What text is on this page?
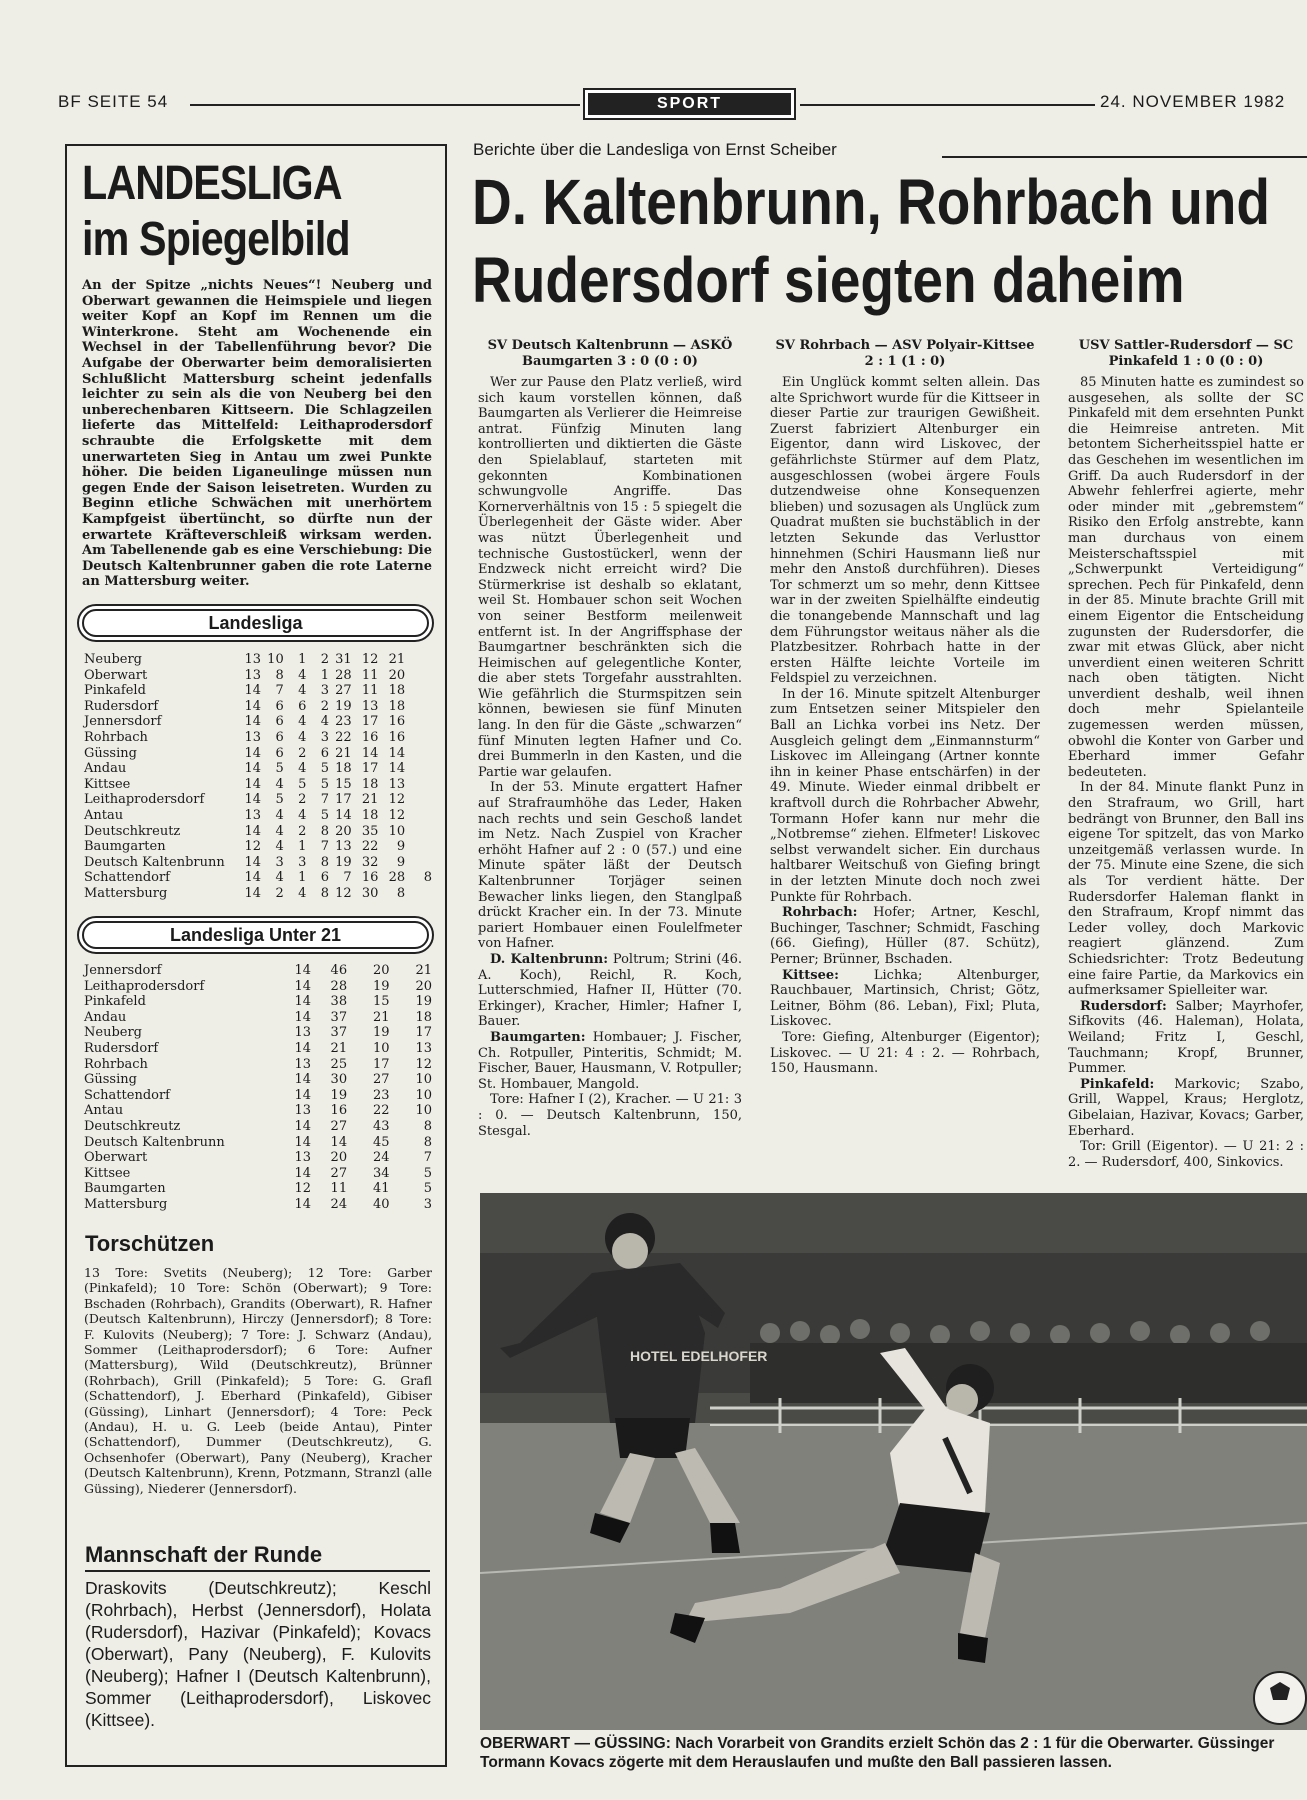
BF SEITE 54	SPORT	24. NOVEMBER 1982
LANDESLIGA
im Spiegelbild
An der Spitze „nichts Neues“! Neuberg und Oberwart gewannen die Heimspiele und liegen weiter Kopf an Kopf im Rennen um die Winterkrone. Steht am Wochenende ein Wechsel in der Tabellenführung bevor? Die Aufgabe der Oberwarter beim demoralisierten Schlußlicht Mattersburg scheint jedenfalls leichter zu sein als die von Neuberg bei den unberechenbaren Kittseern. Die Schlagzeilen lieferte das Mittelfeld: Leithaprodersdorf schraubte die Erfolgskette mit dem unerwarteten Sieg in Antau um zwei Punkte höher. Die beiden Liganeulinge müssen nun gegen Ende der Saison leisetreten. Wurden zu Beginn etliche Schwächen mit unerhörtem Kampfgeist übertüncht, so dürfte nun der erwartete Kräfteverschleiß wirksam werden. Am Tabellenende gab es eine Verschiebung: Die Deutsch Kaltenbrunner gaben die rote Laterne an Mattersburg weiter.
Landesliga
Neuberg	13	10	1	2	31	12	21	
Oberwart	13	8	4	1	28	11	20	
Pinkafeld	14	7	4	3	27	11	18	
Rudersdorf	14	6	6	2	19	13	18	
Jennersdorf	14	6	4	4	23	17	16	
Rohrbach	13	6	4	3	22	16	16	
Güssing	14	6	2	6	21	14	14	
Andau	14	5	4	5	18	17	14	
Kittsee	14	4	5	5	15	18	13	
Leithaprodersdorf	14	5	2	7	17	21	12	
Antau	13	4	4	5	14	18	12	
Deutschkreutz	14	4	2	8	20	35	10	
Baumgarten	12	4	1	7	13	22	9	
Deutsch Kaltenbrunn	14	3	3	8	19	32	9	
Schattendorf	14	4	1	6	7	16	28	8
Mattersburg	14	2	4	8	12	30	8	
Landesliga Unter 21
Jennersdorf	14	46	20	21
Leithaprodersdorf	14	28	19	20
Pinkafeld	14	38	15	19
Andau	14	37	21	18
Neuberg	13	37	19	17
Rudersdorf	14	21	10	13
Rohrbach	13	25	17	12
Güssing	14	30	27	10
Schattendorf	14	19	23	10
Antau	13	16	22	10
Deutschkreutz	14	27	43	8
Deutsch Kaltenbrunn	14	14	45	8
Oberwart	13	20	24	7
Kittsee	14	27	34	5
Baumgarten	12	11	41	5
Mattersburg	14	24	40	3
Torschützen
13 Tore: Svetits (Neuberg); 12 Tore: Garber (Pinkafeld); 10 Tore: Schön (Oberwart); 9 Tore: Bschaden (Rohrbach), Grandits (Oberwart), R. Hafner (Deutsch Kaltenbrunn), Hirczy (Jennersdorf); 8 Tore: F. Kulovits (Neuberg); 7 Tore: J. Schwarz (Andau), Sommer (Leithaprodersdorf); 6 Tore: Aufner (Mattersburg), Wild (Deutschkreutz), Brünner (Rohrbach), Grill (Pinkafeld); 5 Tore: G. Grafl (Schattendorf), J. Eberhard (Pinkafeld), Gibiser (Güssing), Linhart (Jennersdorf); 4 Tore: Peck (Andau), H. u. G. Leeb (beide Antau), Pinter (Schattendorf), Dummer (Deutschkreutz), G. Ochsenhofer (Oberwart), Pany (Neuberg), Kracher (Deutsch Kaltenbrunn), Krenn, Potzmann, Stranzl (alle Güssing), Niederer (Jennersdorf).
Mannschaft der Runde
Draskovits (Deutschkreutz); Keschl (Rohrbach), Herbst (Jennersdorf), Holata (Rudersdorf), Hazivar (Pinkafeld); Kovacs (Oberwart), Pany (Neuberg), F. Kulovits (Neuberg); Hafner I (Deutsch Kaltenbrunn), Sommer (Leithaprodersdorf), Liskovec (Kittsee).
Berichte über die Landesliga von Ernst Scheiber
D. Kaltenbrunn, Rohrbach und
Rudersdorf siegten daheim
SV Deutsch Kaltenbrunn — ASKÖ Baumgarten 3 : 0 (0 : 0)

Wer zur Pause den Platz verließ, wird sich kaum vorstellen können, daß Baumgarten als Verlierer die Heimreise antrat. Fünfzig Minuten lang kontrollierten und diktierten die Gäste den Spielablauf, starteten mit gekonnten Kombinationen schwungvolle Angriffe. Das Kornerverhältnis von 15 : 5 spiegelt die Überlegenheit der Gäste wider. Aber was nützt Überlegenheit und technische Gustostückerl, wenn der Endzweck nicht erreicht wird? Die Stürmerkrise ist deshalb so eklatant, weil St. Hombauer schon seit Wochen von seiner Bestform meilenweit entfernt ist. In der Angriffsphase der Baumgartner beschränkten sich die Heimischen auf gelegentliche Konter, die aber stets Torgefahr ausstrahlten. Wie gefährlich die Sturmspitzen sein können, bewiesen sie fünf Minuten lang. In den für die Gäste „schwarzen“ fünf Minuten legten Hafner und Co. drei Bummerln in den Kasten, und die Partie war gelaufen.

In der 53. Minute ergattert Hafner auf Strafraumhöhe das Leder, Haken nach rechts und sein Geschoß landet im Netz. Nach Zuspiel von Kracher erhöht Hafner auf 2 : 0 (57.) und eine Minute später läßt der Deutsch Kaltenbrunner Torjäger seinen Bewacher links liegen, den Stanglpaß drückt Kracher ein. In der 73. Minute pariert Hombauer einen Foulelfmeter von Hafner.

D. Kaltenbrunn: Poltrum; Strini (46. A. Koch), Reichl, R. Koch, Lutterschmied, Hafner II, Hütter (70. Erkinger), Kracher, Himler; Hafner I, Bauer.

Baumgarten: Hombauer; J. Fischer, Ch. Rotpuller, Pinteritis, Schmidt; M. Fischer, Bauer, Hausmann, V. Rotpuller; St. Hombauer, Mangold.

Tore: Hafner I (2), Kracher. — U 21: 3 : 0. — Deutsch Kaltenbrunn, 150, Stesgal.

SV Rohrbach — ASV Polyair-Kittsee 2 : 1 (1 : 0)

Ein Unglück kommt selten allein. Das alte Sprichwort wurde für die Kittseer in dieser Partie zur traurigen Gewißheit. Zuerst fabriziert Altenburger ein Eigentor, dann wird Liskovec, der gefährlichste Stürmer auf dem Platz, ausgeschlossen (wobei ärgere Fouls dutzendweise ohne Konsequenzen blieben) und sozusagen als Unglück zum Quadrat mußten sie buchstäblich in der letzten Sekunde das Verlusttor hinnehmen (Schiri Hausmann ließ nur mehr den Anstoß durchführen). Dieses Tor schmerzt um so mehr, denn Kittsee war in der zweiten Spielhälfte eindeutig die tonangebende Mannschaft und lag dem Führungstor weitaus näher als die Platzbesitzer. Rohrbach hatte in der ersten Hälfte leichte Vorteile im Feldspiel zu verzeichnen.

In der 16. Minute spitzelt Altenburger zum Entsetzen seiner Mitspieler den Ball an Lichka vorbei ins Netz. Der Ausgleich gelingt dem „Einmannsturm“ Liskovec im Alleingang (Artner konnte ihn in keiner Phase entschärfen) in der 49. Minute. Wieder einmal dribbelt er kraftvoll durch die Rohrbacher Abwehr, Tormann Hofer kann nur mehr die „Notbremse“ ziehen. Elfmeter! Liskovec selbst verwandelt sicher. Ein durchaus haltbarer Weitschuß von Giefing bringt in der letzten Minute doch noch zwei Punkte für Rohrbach.

Rohrbach: Hofer; Artner, Keschl, Buchinger, Taschner; Schmidt, Fasching (66. Giefing), Hüller (87. Schütz), Perner; Brünner, Bschaden.

Kittsee:	Lichka; Altenburger, Rauchbauer, Martinsich, Christ; Götz, Leitner, Böhm (86. Leban), Fixl; Pluta, Liskovec.

Tore: Giefing, Altenburger (Eigentor); Liskovec. — U 21: 4 : 2. — Rohrbach, 150, Hausmann.

USV Sattler-Rudersdorf — SC Pinkafeld 1 : 0 (0 : 0)

85 Minuten hatte es zumindest so ausgesehen, als sollte der SC Pinkafeld mit dem ersehnten Punkt die Heimreise antreten. Mit betontem Sicherheitsspiel hatte er das Geschehen im wesentlichen im Griff. Da auch Rudersdorf in der Abwehr fehlerfrei agierte, mehr oder minder mit „gebremstem“ Risiko den Erfolg anstrebte, kann man durchaus von einem Meisterschaftsspiel mit „Schwerpunkt Verteidigung“ sprechen. Pech für Pinkafeld, denn in der 85. Minute brachte Grill mit einem Eigentor die Entscheidung zugunsten der Rudersdorfer, die zwar mit etwas Glück, aber nicht unverdient einen weiteren Schritt nach oben tätigten. Nicht unverdient deshalb, weil ihnen doch mehr Spielanteile zugemessen werden müssen, obwohl die Konter von Garber und Eberhard immer Gefahr bedeuteten.

In der 84. Minute flankt Punz in den Strafraum, wo Grill, hart bedrängt von Brunner, den Ball ins eigene Tor spitzelt, das von Marko unzeitgemäß verlassen wurde. In der 75. Minute eine Szene, die sich als Tor verdient hätte. Der Rudersdorfer Haleman flankt in den Strafraum, Kropf nimmt das Leder volley, doch Markovic reagiert glänzend. Zum Schiedsrichter: Trotz Bedeutung eine faire Partie, da Markovics ein aufmerksamer Spielleiter war.

Rudersdorf: Salber; Mayrhofer, Sifkovits (46. Haleman), Holata, Weiland; Fritz I, Geschl, Tauchmann; Kropf, Brunner, Pummer.

Pinkafeld: Markovic; Szabo, Grill, Wappel, Kraus; Herglotz, Gibelaian, Hazivar, Kovacs; Garber, Eberhard.

Tor: Grill (Eigentor). — U 21: 2 : 2. — Rudersdorf, 400, Sinkovics.

HOTEL EDELHOFER
OBERWART — GÜSSING: Nach Vorarbeit von Grandits erzielt Schön das 2 : 1 für die Oberwarter. Güssinger Tormann Kovacs zögerte mit dem Herauslaufen und mußte den Ball passieren lassen.
